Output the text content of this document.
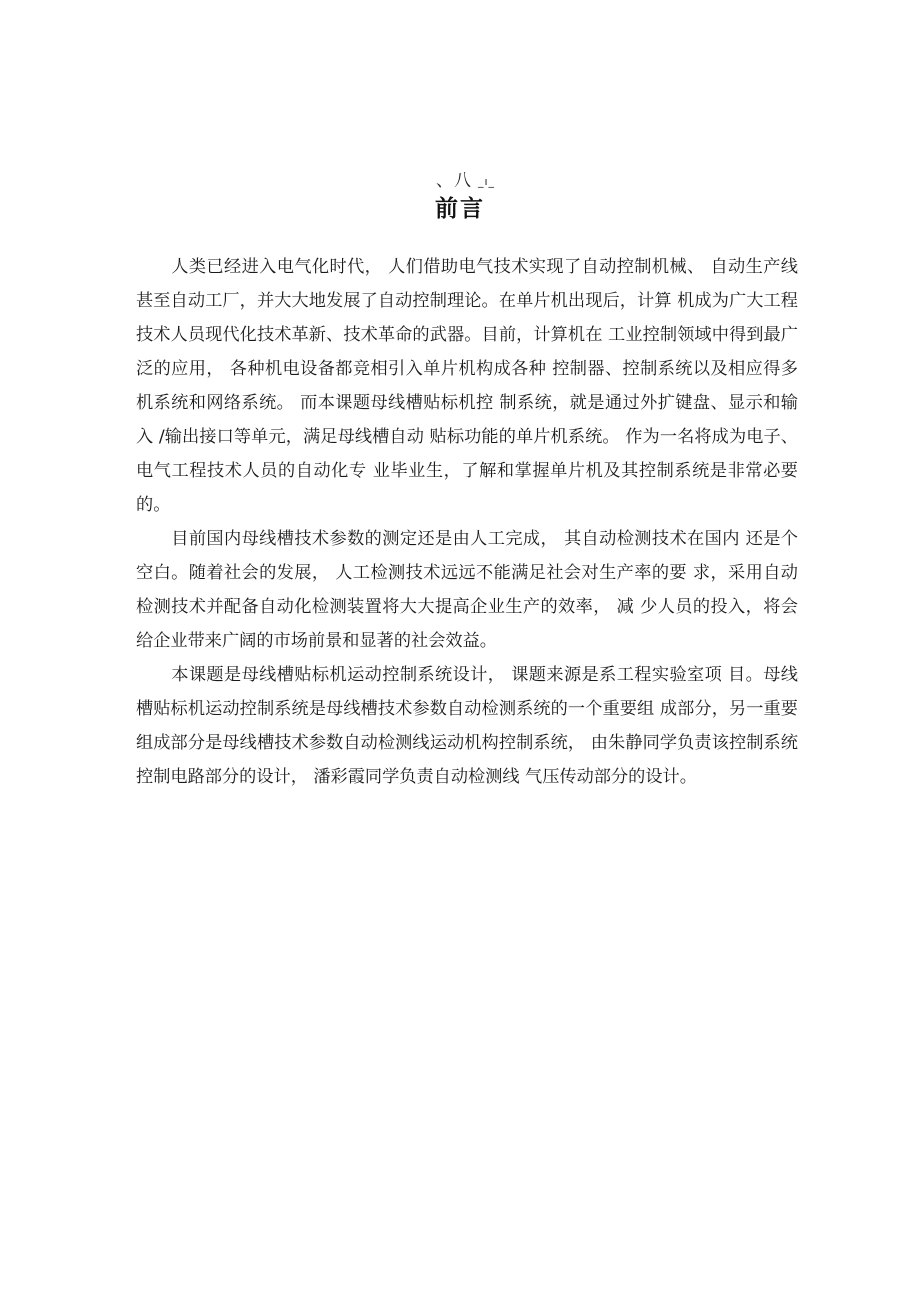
、八 _ı_
前言

人类已经进入电气化时代， 人们借助电气技术实现了自动控制机械、 自动生产线甚至自动工厂，并大大地发展了自动控制理论。在单片机出现后，计算 机成为广大工程技术人员现代化技术革新、技术革命的武器。目前，计算机在 工业控制领域中得到最广泛的应用， 各种机电设备都竞相引入单片机构成各种 控制器、控制系统以及相应得多机系统和网络系统。 而本课题母线槽贴标机控 制系统，就是通过外扩键盘、显示和输入 /输出接口等单元，满足母线槽自动 贴标功能的单片机系统。 作为一名将成为电子、 电气工程技术人员的自动化专 业毕业生，了解和掌握单片机及其控制系统是非常必要的。

目前国内母线槽技术参数的测定还是由人工完成， 其自动检测技术在国内 还是个空白。随着社会的发展， 人工检测技术远远不能满足社会对生产率的要 求，采用自动检测技术并配备自动化检测装置将大大提高企业生产的效率， 减 少人员的投入，将会给企业带来广阔的市场前景和显著的社会效益。

本课题是母线槽贴标机运动控制系统设计， 课题来源是系工程实验室项 目。母线槽贴标机运动控制系统是母线槽技术参数自动检测系统的一个重要组 成部分，另一重要组成部分是母线槽技术参数自动检测线运动机构控制系统， 由朱静同学负责该控制系统控制电路部分的设计， 潘彩霞同学负责自动检测线 气压传动部分的设计。
